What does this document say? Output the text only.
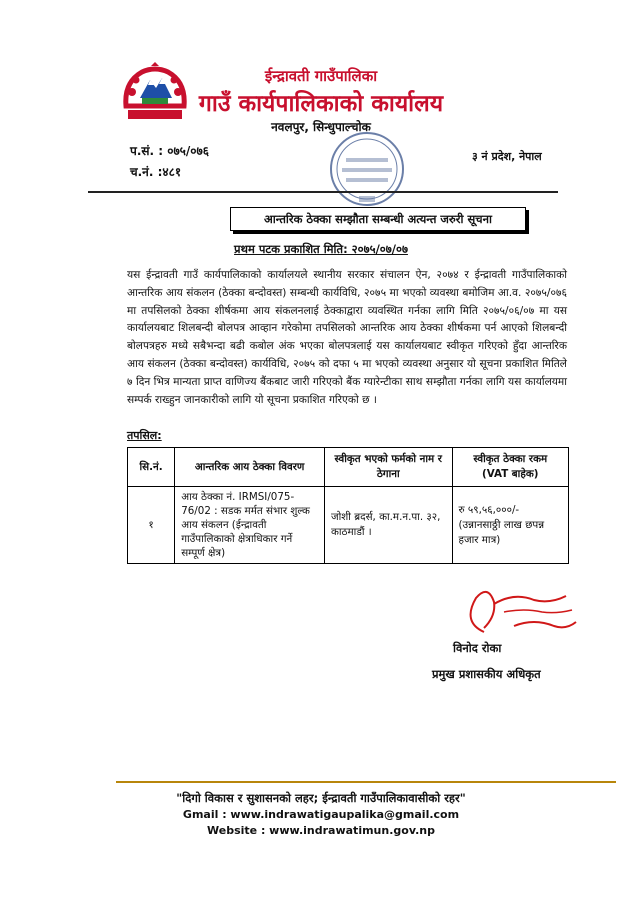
ईन्द्रावती गाउँपालिका
गाउँ कार्यपालिकाको कार्यालय
नवलपुर, सिन्धुपाल्चोक
प.सं. : ०७५/०७६
च.नं. :४८१
३ नं प्रदेश, नेपाल
आन्तरिक ठेक्का सम्झौता सम्बन्धी अत्यन्त जरुरी सूचना
प्रथम पटक प्रकाशित मिति: २०७५/०७/०७
यस ईन्द्रावती गाउँ कार्यपालिकाको कार्यालयले स्थानीय सरकार संचालन ऐन, २०७४ र ईन्द्रावती गाउँपालिकाको आन्तरिक आय संकलन (ठेक्का बन्दोवस्त) सम्बन्धी कार्यविधि, २०७५ मा भएको व्यवस्था बमोजिम आ.व. २०७५/०७६ मा तपसिलको ठेक्का शीर्षकमा आय संकलनलाई ठेक्काद्वारा व्यवस्थित गर्नका लागि मिति २०७५/०६/०७ मा यस कार्यालयबाट शिलबन्दी बोलपत्र आव्हान गरेकोमा तपसिलको आन्तरिक आय ठेक्का शीर्षकमा पर्न आएको शिलबन्दी बोलपत्रहरु मध्ये सबैभन्दा बढी कबोल अंक भएका बोलपत्रलाई यस कार्यालयबाट स्वीकृत गरिएको हुँदा आन्तरिक आय संकलन (ठेक्का बन्दोवस्त) कार्यविधि, २०७५ को दफा ५ मा भएको व्यवस्था अनुसार यो सूचना प्रकाशित मितिले ७ दिन भित्र मान्यता प्राप्त वाणिज्य बैंकबाट जारी गरिएको बैंक ग्यारेन्टीका साथ सम्झौता गर्नका लागि यस कार्यालयमा सम्पर्क राख्हुन जानकारीको लागि यो सूचना प्रकाशित गरिएको छ ।
तपसिल:
सि.नं.	आन्तरिक आय ठेक्का विवरण	स्वीकृत भएको फर्मको नाम र ठेगाना	स्वीकृत ठेक्का रकम (VAT बाहेक)
१	आय ठेक्का नं. IRMSI/075-76/02 : सडक मर्मत संभार शुल्क आय संकलन (ईन्द्रावती गाउँपालिकाको क्षेत्राधिकार गर्ने सम्पूर्ण क्षेत्र)	जोशी ब्रदर्स, का.म.न.पा. ३२, काठमाडौं ।	रु ५९,५६,०००/- (उन्नानसाठ्ठी लाख छपन्न हजार मात्र)
विनोद रोका
प्रमुख प्रशासकीय अधिकृत
"दिगो विकास र सुशासनको लहर; ईन्द्रावती गाउँपालिकावासीको रहर"
Gmail : www.indrawatigaupalika@gmail.com
Website : www.indrawatimun.gov.np
